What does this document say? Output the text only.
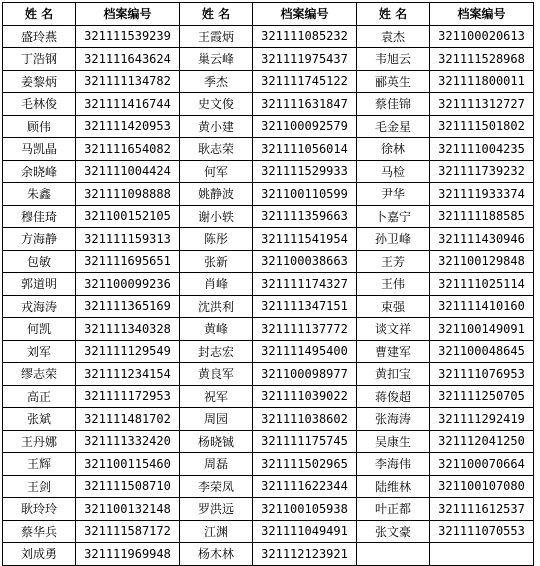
姓 名	档案编号	姓 名	档案编号	姓 名	档案编号
盛玲燕	321111539239	王霞炳	321111085232	袁杰	321100020613
丁浩钢	321111643624	巢云峰	321111975437	韦旭云	321111528968
姜黎炳	321111134782	季杰	321111745122	郦英生	321111800011
毛林俊	321111416744	史文俊	321111631847	蔡佳锦	321111312727
顾伟	321111420953	黄小建	321100092579	毛金星	321111501802
马凯晶	321111654082	耿志荣	321111056014	徐林	321111004235
余晓峰	321111004424	何军	321111529933	马检	321111739232
朱鑫	321111098888	姚静波	321100110599	尹华	321111933374
穆佳琦	321100152105	谢小轶	321111359663	卜嘉宁	321111188585
方海静	321111159313	陈彤	321111541954	孙卫峰	321111430946
包敏	321111695651	张新	321100038663	王芳	321100129848
郭道明	321100099236	肖峰	321111174327	王伟	321111025114
戎海涛	321111365169	沈洪利	321111347151	束强	321111410160
何凯	321111340328	黄峰	321111137772	谈文祥	321100149091
刘军	321111129549	封志宏	321111495400	曹建军	321100048645
缪志荣	321111234154	黄良军	321100098977	黄扣宝	321111076953
高正	321111172953	祝军	321111039022	蒋俊超	321111250705
张斌	321111481702	周园	321111038602	张海涛	321111292419
王丹娜	321111332420	杨晓铖	321111175745	吴康生	321112041250
王辉	321100115460	周磊	321111502965	李海伟	321100070664
王剑	321111508710	李荣凤	321111622344	陆维林	321100107080
耿玲玲	321100132148	罗洪远	321100105938	叶正都	321111612537
蔡华兵	321111587172	江渊	321111049491	张文豪	321111070553
刘成勇	321111969948	杨木林	321112123921		
